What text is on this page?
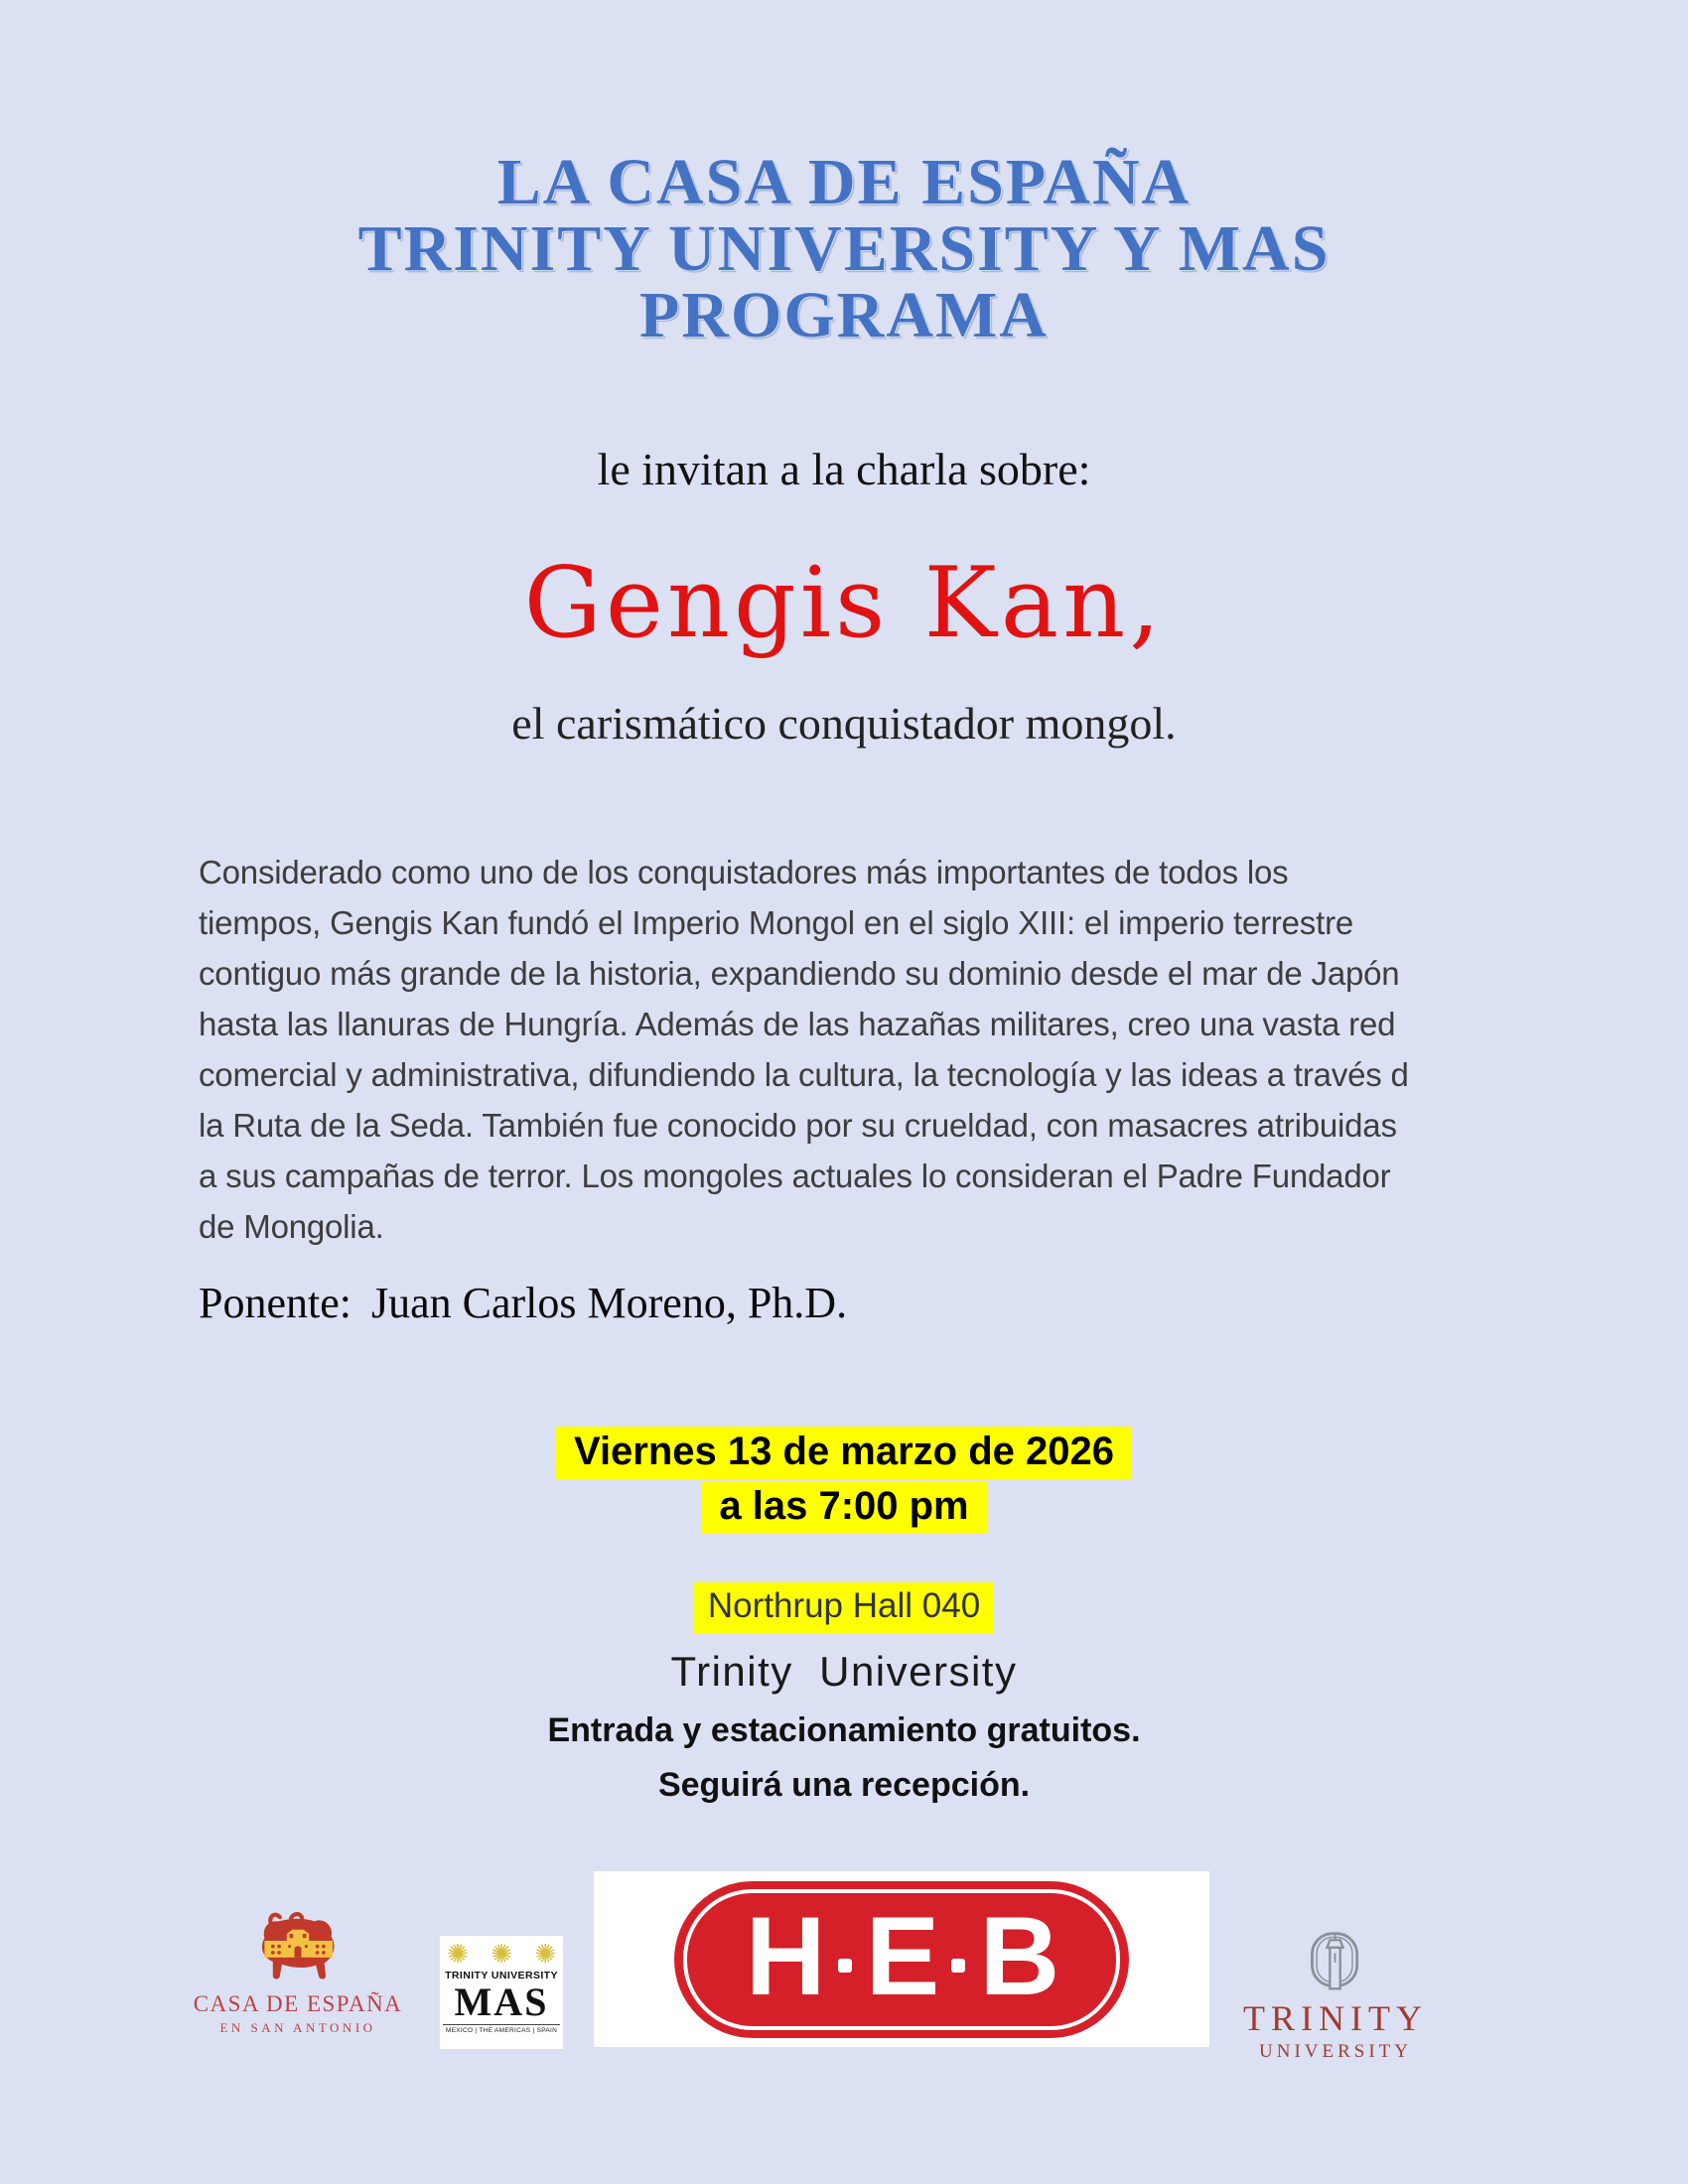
LA CASA DE ESPAÑA
TRINITY UNIVERSITY Y MAS
PROGRAMA
le invitan a la charla sobre:
Gengis Kan,
el carismático conquistador mongol.
Considerado como uno de los conquistadores más importantes de todos los tiempos, Gengis Kan fundó el Imperio Mongol en el siglo XIII: el imperio terrestre contiguo más grande de la historia, expandiendo su dominio desde el mar de Japón hasta las llanuras de Hungría. Además de las hazañas militares, creo una vasta red comercial y administrativa, difundiendo la cultura, la tecnología y las ideas a través d la Ruta de la Seda. También fue conocido por su crueldad, con masacres atribuidas a sus campañas de terror. Los mongoles actuales lo consideran el Padre Fundador de Mongolia.
Ponente: Juan Carlos Moreno, Ph.D.
Viernes 13 de marzo de 2026
a las 7:00 pm
Northrup Hall 040
Trinity  University
Entrada y estacionamiento gratuitos.
Seguirá una recepción.
CASA DE ESPAÑA
EN SAN ANTONIO
✺ ✺ ✺
TRINITY UNIVERSITY
MAS
MEXICO | THE AMERICAS | SPAIN
H E B
TRINITY
UNIVERSITY
